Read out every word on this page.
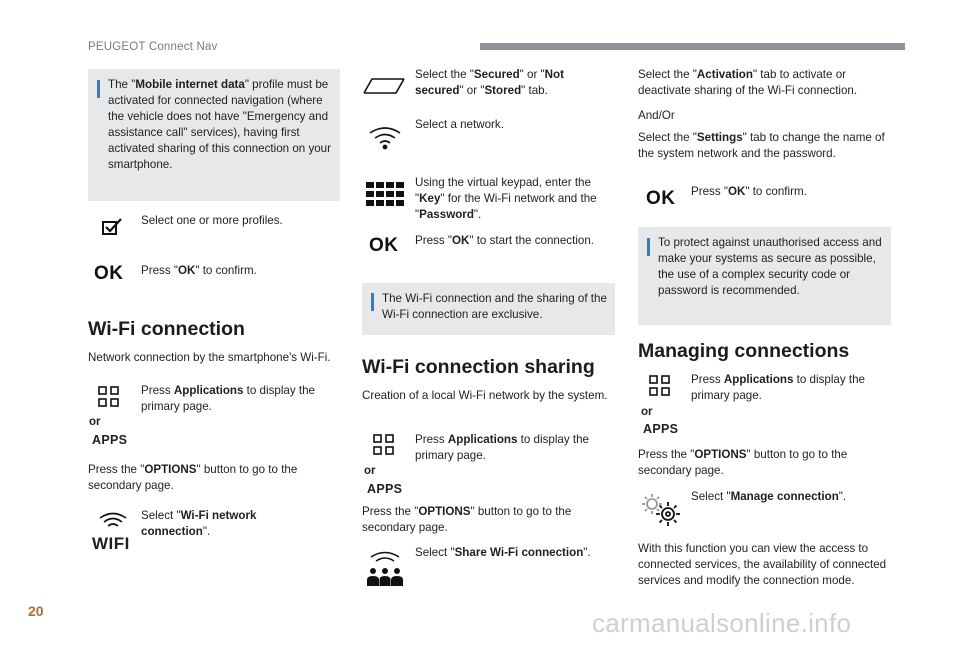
PEUGEOT Connect Nav
The "Mobile internet data" profile must be activated for connected navigation (where the vehicle does not have "Emergency and assistance call" services), having first activated sharing of this connection on your smartphone.
Select one or more profiles.
OK Press "OK" to confirm.
Wi-Fi connection
Network connection by the smartphone's Wi-Fi.
or
APPS
Press Applications to display the primary page.
Press the "OPTIONS" button to go to the secondary page.
WIFI
Select "Wi-Fi network connection".
Select the "Secured" or "Not secured" or "Stored" tab.
Select a network.
Using the virtual keypad, enter the "Key" for the Wi-Fi network and the "Password".
OK Press "OK" to start the connection.
The Wi-Fi connection and the sharing of the Wi-Fi connection are exclusive.
Wi-Fi connection sharing
Creation of a local Wi-Fi network by the system.
or
APPS
Press Applications to display the primary page.
Press the "OPTIONS" button to go to the secondary page.
Select "Share Wi-Fi connection".
Select the "Activation" tab to activate or deactivate sharing of the Wi-Fi connection.
And/Or
Select the "Settings" tab to change the name of the system network and the password.
OK Press "OK" to confirm.
To protect against unauthorised access and make your systems as secure as possible, the use of a complex security code or password is recommended.
Managing connections
or
APPS
Press Applications to display the primary page.
Press the "OPTIONS" button to go to the secondary page.
Select "Manage connection".
With this function you can view the access to connected services, the availability of connected services and modify the connection mode.
20	carmanualsonline.info
